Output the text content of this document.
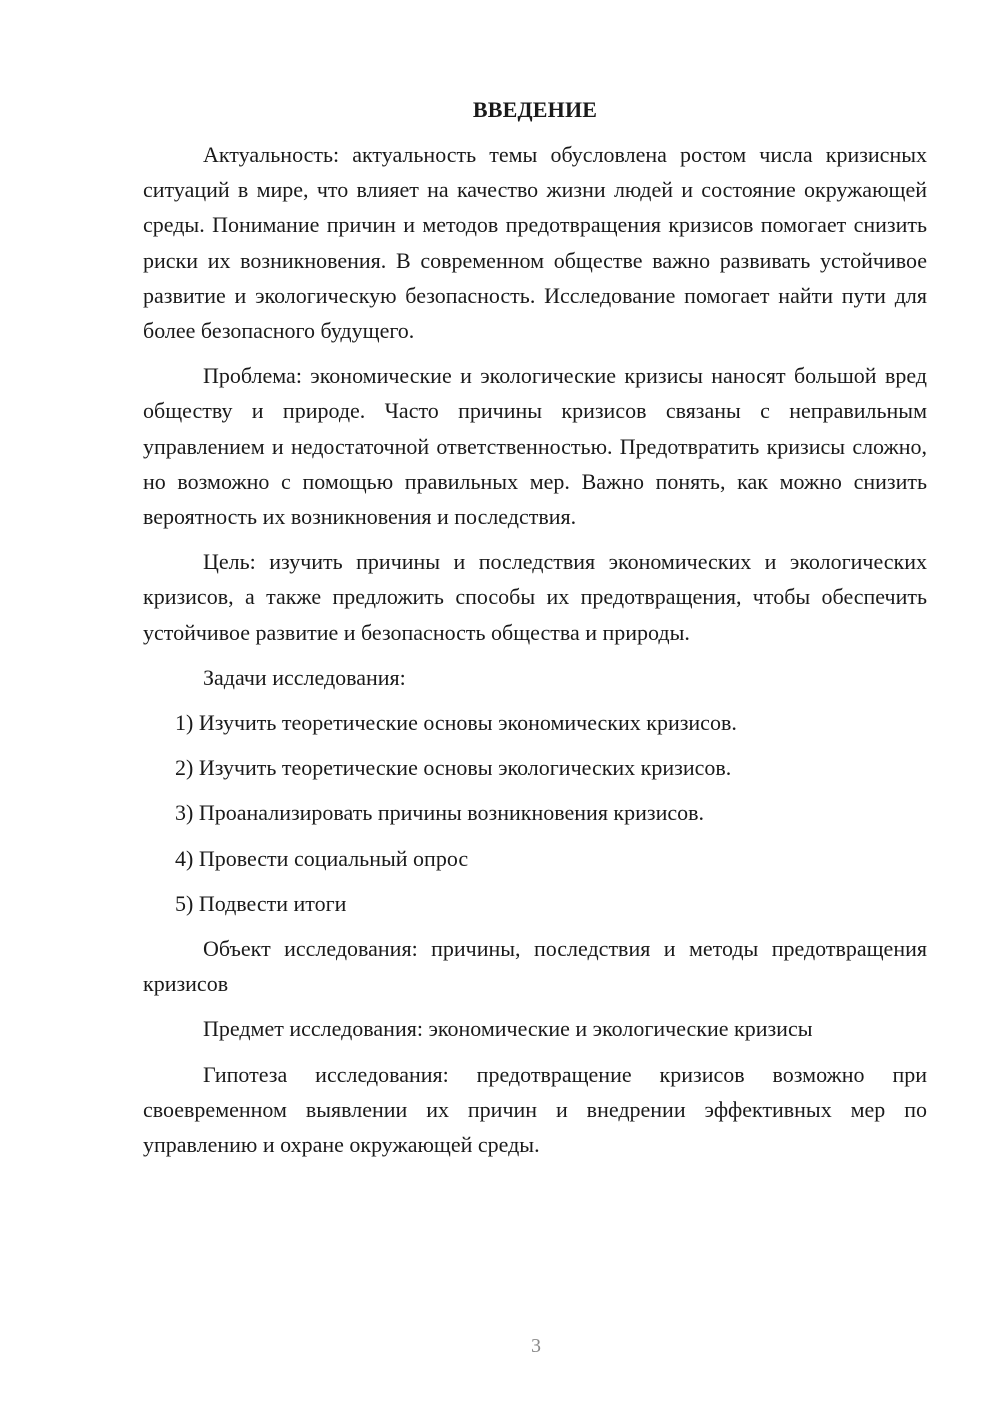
ВВЕДЕНИЕ

Актуальность: актуальность темы обусловлена ростом числа кризисных ситуаций в мире, что влияет на качество жизни людей и состояние окружающей среды. Понимание причин и методов предотвращения кризисов помогает снизить риски их возникновения. В современном обществе важно развивать устойчивое развитие и экологическую безопасность. Исследование помогает найти пути для более безопасного будущего.

Проблема: экономические и экологические кризисы наносят большой вред обществу и природе. Часто причины кризисов связаны с неправильным управлением и недостаточной ответственностью. Предотвратить кризисы сложно, но возможно с помощью правильных мер. Важно понять, как можно снизить вероятность их возникновения и последствия.

Цель: изучить причины и последствия экономических и экологических кризисов, а также предложить способы их предотвращения, чтобы обеспечить устойчивое развитие и безопасность общества и природы.

Задачи исследования:

1) Изучить теоретические основы экономических кризисов.
2) Изучить теоретические основы экологических кризисов.
3) Проанализировать причины возникновения кризисов.
4) Провести социальный опрос
5) Подвести итоги

Объект исследования: причины, последствия и методы предотвращения кризисов

Предмет исследования: экономические и экологические кризисы

Гипотеза исследования: предотвращение кризисов возможно при своевременном выявлении их причин и внедрении эффективных мер по управлению и охране окружающей среды.

3
